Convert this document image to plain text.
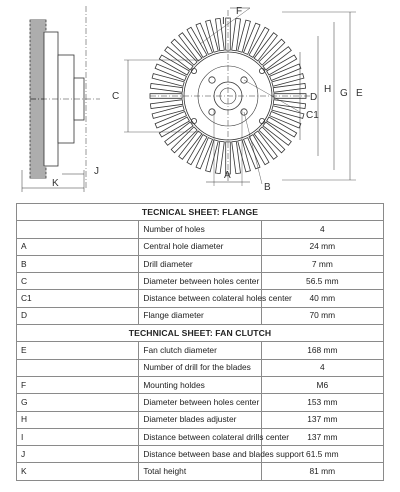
K
J
C
A
B
C1
D
H G E
F
I
TECNICAL SHEET: FLANGE		
	Number of holes	4
A	Central hole diameter	24 mm
B	Drill diameter	7 mm
C	Diameter between holes center	56.5 mm
C1	Distance between colateral holes center	40 mm
D	Flange diameter	70 mm
TECHNICAL SHEET: FAN CLUTCH		
E	Fan clutch diameter	168 mm
	Number of drill for the blades	4
F	Mounting holdes	M6
G	Diameter between holes center	153 mm
H	Diameter blades adjuster	137 mm
I	Distance between colateral drills center	137 mm
J	Distance between base and blades support	61.5 mm
K	Total height	81 mm
